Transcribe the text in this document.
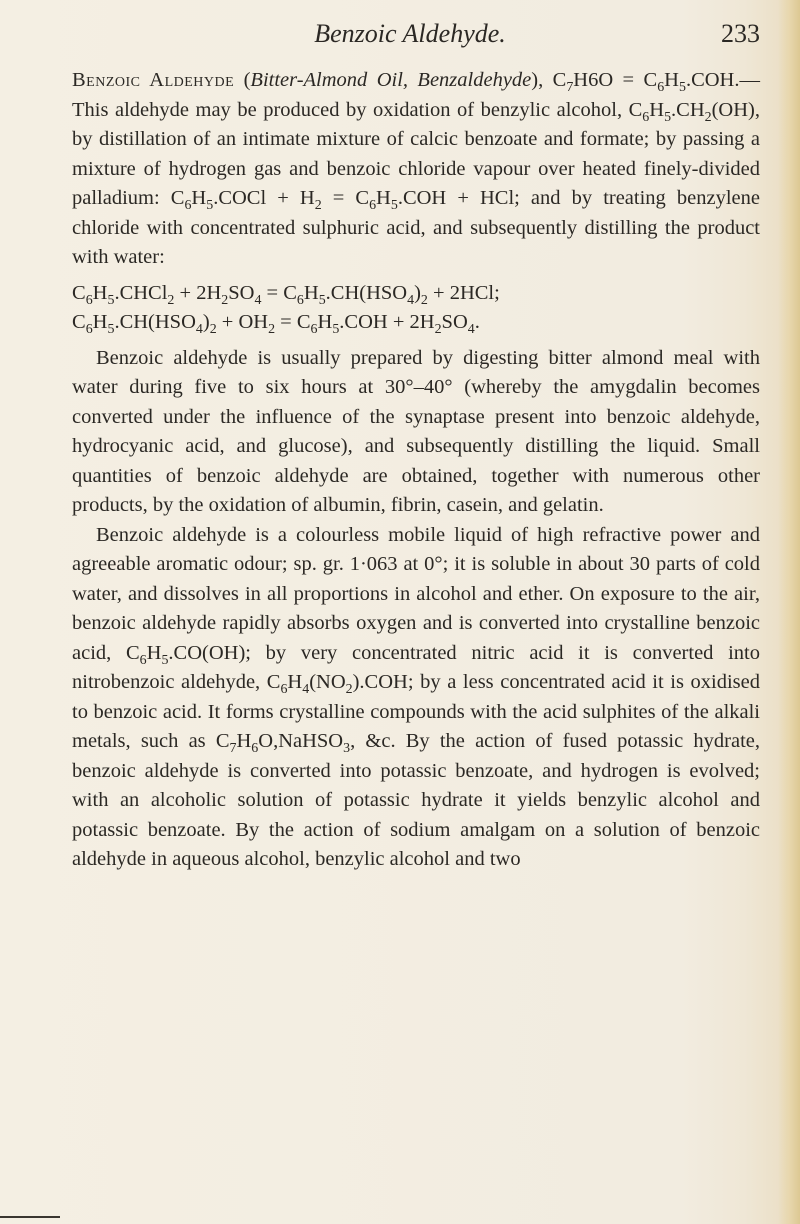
Benzoic Aldehyde.	233

Benzoic Aldehyde (Bitter-Almond Oil, Benzaldehyde), $C_7H6O$ = $C_6H_5.COH.—This$ aldehyde may be produced by oxidation of benzylic alcohol, $C_6H_5.CH_2(OH)$, by distillation of an intimate mixture of calcic benzoate and formate; by passing a mixture of hydrogen gas and benzoic chloride vapour over heated finely-divided palladium: $C_6H_5.COCl + H_2 = C_6H_5.COH$ + HCl; and by treating benzylene chloride with concentrated sulphuric acid, and subsequently distilling the product with water:

$C_6H_5.CHCl_2 + 2H_2SO_4 = C_6H_5.CH(HSO_4)_2 + 2HCl$;

$C_6H_5.CH(HSO_4)_2 + OH_2 = C_6H_5.COH + 2H_2SO_4$.

Benzoic aldehyde is usually prepared by digesting bitter almond meal with water during five to six hours at 30°–40° (whereby the amygdalin becomes converted under the influence of the synaptase present into benzoic aldehyde, hydrocyanic acid, and glucose), and subsequently distilling the liquid. Small quantities of benzoic aldehyde are obtained, together with numerous other products, by the oxidation of albumin, fibrin, casein, and gelatin.

Benzoic aldehyde is a colourless mobile liquid of high refractive power and agreeable aromatic odour; sp. gr. 1·063 at 0°; it is soluble in about 30 parts of cold water, and dissolves in all proportions in alcohol and ether. On exposure to the air, benzoic aldehyde rapidly absorbs oxygen and is converted into crystalline benzoic acid, $C_6H_5.CO(OH)$; by very concentrated nitric acid it is converted into nitrobenzoic aldehyde, $C_6H_4(NO_2).COH$; by a less concentrated acid it is oxidised to benzoic acid. It forms crystalline compounds with the acid sulphites of the alkali metals, such as $C_7H_6O,NaHSO_3$, &c. By the action of fused potassic hydrate, benzoic aldehyde is converted into potassic benzoate, and hydrogen is evolved; with an alcoholic solution of potassic hydrate it yields benzylic alcohol and potassic benzoate. By the action of sodium amalgam on a solution of benzoic aldehyde in aqueous alcohol, benzylic alcohol and two
